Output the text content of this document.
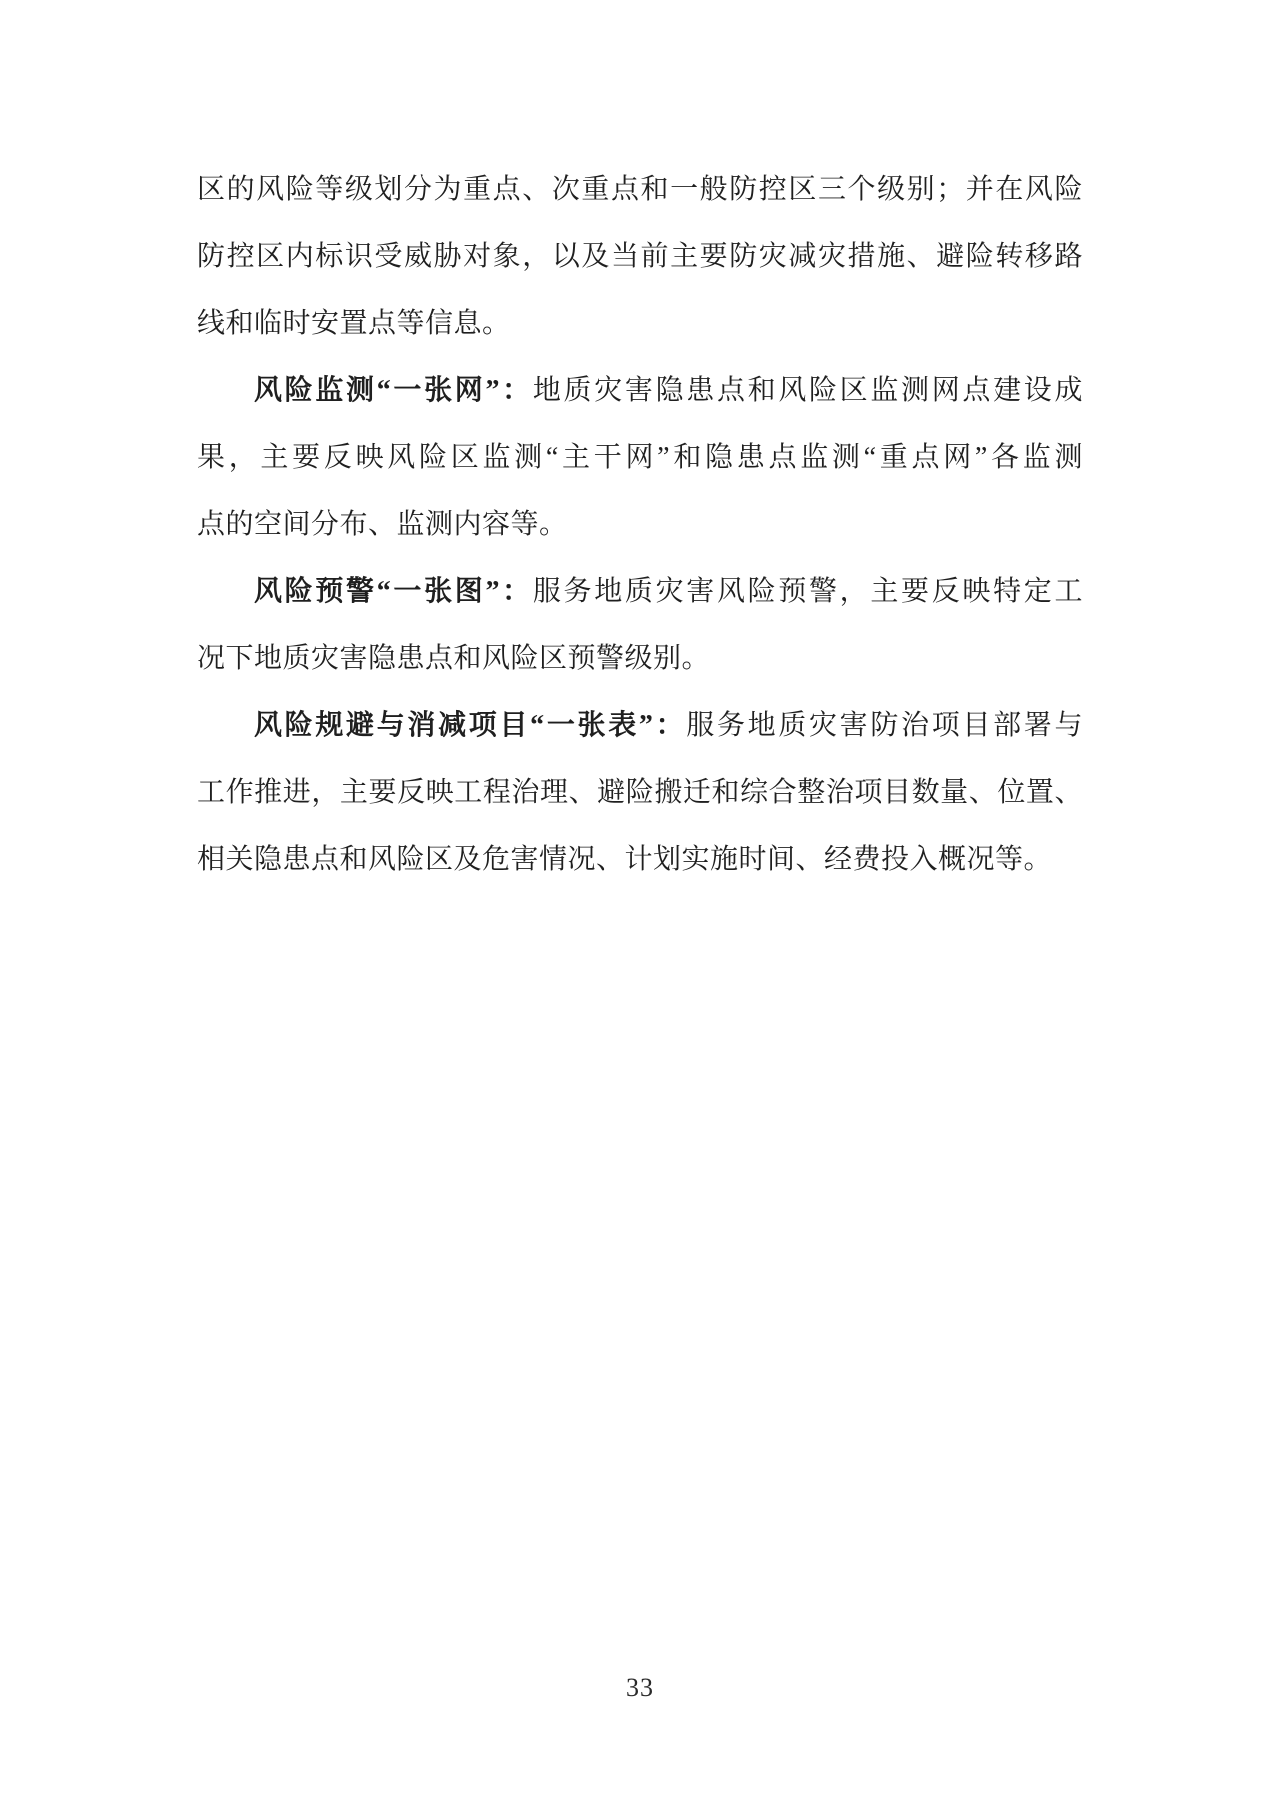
区的风险等级划分为重点、次重点和一般防控区三个级别；并在风险
防控区内标识受威胁对象，以及当前主要防灾减灾措施、避险转移路
线和临时安置点等信息。
风险监测“一张网”：地质灾害隐患点和风险区监测网点建设成
果，主要反映风险区监测“主干网”和隐患点监测“重点网”各监测
点的空间分布、监测内容等。
风险预警“一张图”：服务地质灾害风险预警，主要反映特定工
况下地质灾害隐患点和风险区预警级别。
风险规避与消减项目“一张表”：服务地质灾害防治项目部署与
工作推进，主要反映工程治理、避险搬迁和综合整治项目数量、位置、
相关隐患点和风险区及危害情况、计划实施时间、经费投入概况等。
33
